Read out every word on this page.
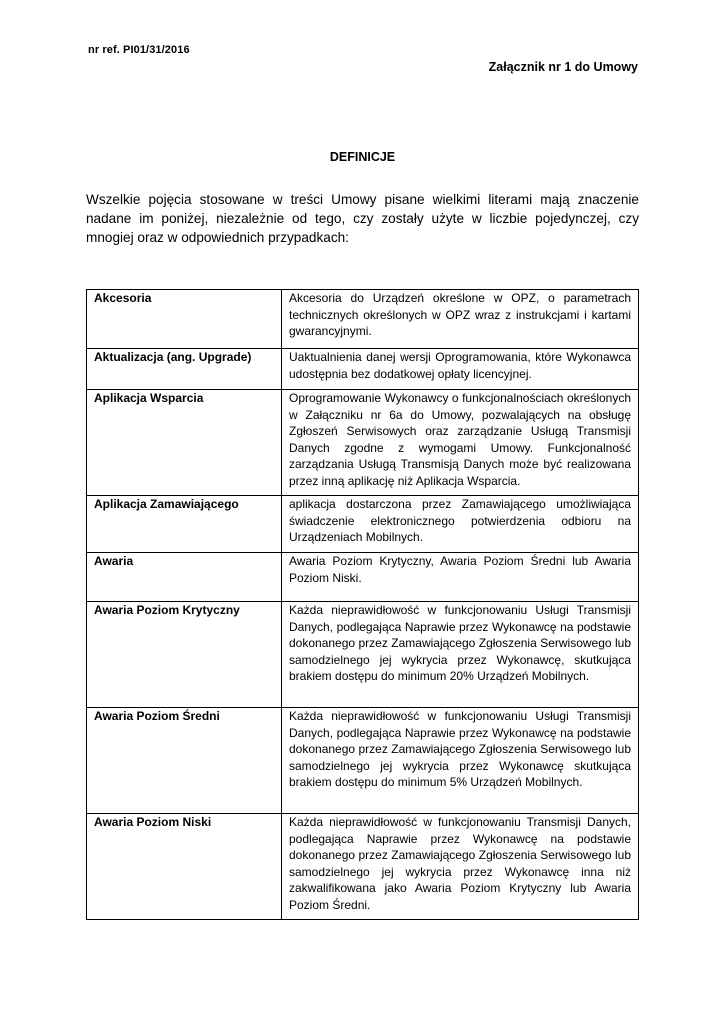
nr ref. PI01/31/2016
Załącznik nr 1 do Umowy
DEFINICJE
Wszelkie pojęcia stosowane w treści Umowy pisane wielkimi literami mają znaczenie nadane im poniżej, niezależnie od tego, czy zostały użyte w liczbie pojedynczej, czy mnogiej oraz w odpowiednich przypadkach:
Akcesoria	Akcesoria do Urządzeń określone w OPZ, o parametrach technicznych określonych w OPZ wraz z instrukcjami i kartami gwarancyjnymi.
Aktualizacja (ang. Upgrade)	Uaktualnienia danej wersji Oprogramowania, które Wykonawca udostępnia bez dodatkowej opłaty licencyjnej.
Aplikacja Wsparcia	Oprogramowanie Wykonawcy o funkcjonalnościach określonych w Załączniku nr 6a do Umowy, pozwalających na obsługę Zgłoszeń Serwisowych oraz zarządzanie Usługą Transmisji Danych zgodne z wymogami Umowy. Funkcjonalność zarządzania Usługą Transmisją Danych może być realizowana przez inną aplikację niż Aplikacja Wsparcia.
Aplikacja Zamawiającego	aplikacja dostarczona przez Zamawiającego umożliwiająca świadczenie elektronicznego potwierdzenia odbioru na Urządzeniach Mobilnych.
Awaria	Awaria Poziom Krytyczny, Awaria Poziom Średni lub Awaria Poziom Niski.
Awaria Poziom Krytyczny	Każda nieprawidłowość w funkcjonowaniu Usługi Transmisji Danych, podlegająca Naprawie przez Wykonawcę na podstawie dokonanego przez Zamawiającego Zgłoszenia Serwisowego lub samodzielnego jej wykrycia przez Wykonawcę, skutkująca brakiem dostępu do minimum 20% Urządzeń Mobilnych.
Awaria Poziom Średni	Każda nieprawidłowość w funkcjonowaniu Usługi Transmisji Danych, podlegająca Naprawie przez Wykonawcę na podstawie dokonanego przez Zamawiającego Zgłoszenia Serwisowego lub samodzielnego jej wykrycia przez Wykonawcę skutkująca brakiem dostępu do minimum 5% Urządzeń Mobilnych.
Awaria Poziom Niski	Każda nieprawidłowość w funkcjonowaniu Transmisji Danych, podlegająca Naprawie przez Wykonawcę na podstawie dokonanego przez Zamawiającego Zgłoszenia Serwisowego lub samodzielnego jej wykrycia przez Wykonawcę inna niż zakwalifikowana jako Awaria Poziom Krytyczny lub Awaria Poziom Średni.
